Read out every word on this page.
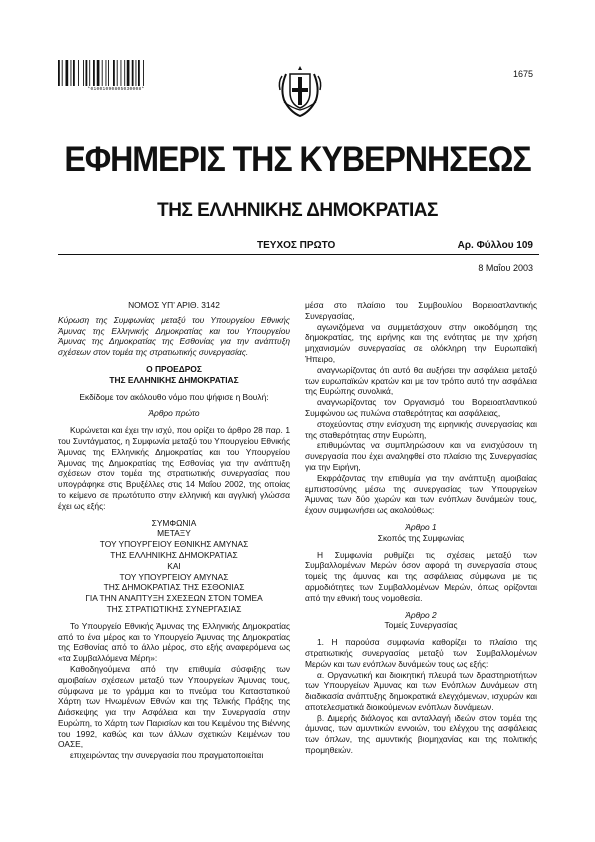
*01001090805030008*
1675
ΕΦΗΜΕΡΙΣ ΤΗΣ ΚΥΒΕΡΝΗΣΕΩΣ
ΤΗΣ ΕΛΛΗΝΙΚΗΣ ΔΗΜΟΚΡΑΤΙΑΣ
ΤΕΥΧΟΣ ΠΡΩΤΟ	Αρ. Φύλλου 109
8 Μαΐου 2003

ΝΟΜΟΣ ΥΠ’ ΑΡΙΘ. 3142

Κύρωση της Συμφωνίας μεταξύ του Υπουργείου Εθνικής Άμυνας της Ελληνικής Δημοκρατίας και του Υπουργείου Άμυνας της Δημοκρατίας της Εσθονίας για την ανάπτυξη σχέσεων στον τομέα της στρατιωτικής συνεργασίας.

Ο ΠΡΟΕΔΡΟΣ

ΤΗΣ ΕΛΛΗΝΙΚΗΣ ΔΗΜΟΚΡΑΤΙΑΣ

Εκδίδομε τον ακόλουθο νόμο που ψήφισε η Βουλή:

Άρθρο πρώτο

Κυρώνεται και έχει την ισχύ, που ορίζει το άρθρο 28 παρ. 1 του Συντάγματος, η Συμφωνία μεταξύ του Υπουργείου Εθνικής Άμυνας της Ελληνικής Δημοκρατίας και του Υπουργείου Άμυνας της Δημοκρατίας της Εσθονίας για την ανάπτυξη σχέσεων στον τομέα της στρατιωτικής συνεργασίας που υπογράφηκε στις Βρυξέλλες στις 14 Μαΐου 2002, της οποίας το κείμενο σε πρωτότυπο στην ελληνική και αγγλική γλώσσα έχει ως εξής:

ΣΥΜΦΩΝΙΑ

ΜΕΤΑΞΥ

ΤΟΥ ΥΠΟΥΡΓΕΙΟΥ ΕΘΝΙΚΗΣ ΑΜΥΝΑΣ

ΤΗΣ ΕΛΛΗΝΙΚΗΣ ΔΗΜΟΚΡΑΤΙΑΣ

ΚΑΙ

ΤΟΥ ΥΠΟΥΡΓΕΙΟΥ ΑΜΥΝΑΣ

ΤΗΣ ΔΗΜΟΚΡΑΤΙΑΣ ΤΗΣ ΕΣΘΟΝΙΑΣ

ΓΙΑ ΤΗΝ ΑΝΑΠΤΥΞΗ ΣΧΕΣΕΩΝ ΣΤΟΝ ΤΟΜΕΑ

ΤΗΣ ΣΤΡΑΤΙΩΤΙΚΗΣ ΣΥΝΕΡΓΑΣΙΑΣ

Το Υπουργείο Εθνικής Άμυνας της Ελληνικής Δημοκρατίας από το ένα μέρος και το Υπουργείο Άμυνας της Δημοκρατίας της Εσθονίας από το άλλο μέρος, στο εξής αναφερόμενα ως «τα Συμβαλλόμενα Μέρη»:

Καθοδηγούμενα από την επιθυμία σύσφιξης των αμοιβαίων σχέσεων μεταξύ των Υπουργείων Άμυνας τους, σύμφωνα με το γράμμα και το πνεύμα του Καταστατικού Χάρτη των Ηνωμένων Εθνών και της Τελικής Πράξης της Διάσκεψης για την Ασφάλεια και την Συνεργασία στην Ευρώπη, το Χάρτη των Παρισίων και του Κειμένου της Βιέννης του 1992, καθώς και των άλλων σχετικών Κειμένων του ΟΑΣΕ,

επιχειρώντας την συνεργασία που πραγματοποιείται

μέσα στο πλαίσιο του Συμβουλίου Βορειοατλαντικής Συνεργασίας,

αγωνιζόμενα να συμμετάσχουν στην οικοδόμηση της δημοκρατίας, της ειρήνης και της ενότητας με την χρήση μηχανισμών συνεργασίας σε ολόκληρη την Ευρωπαϊκή Ήπειρο,

αναγνωρίζοντας ότι αυτό θα αυξήσει την ασφάλεια μεταξύ των ευρωπαϊκών κρατών και με τον τρόπο αυτό την ασφάλεια της Ευρώπης συνολικά,

αναγνωρίζοντας τον Οργανισμό του Βορειοατλαντικού Συμφώνου ως πυλώνα σταθερότητας και ασφάλειας,

στοχεύοντας στην ενίσχυση της ειρηνικής συνεργασίας και της σταθερότητας στην Ευρώπη,

επιθυμώντας να συμπληρώσουν και να ενισχύσουν τη συνεργασία που έχει αναληφθεί στο πλαίσιο της Συνεργασίας για την Ειρήνη,

Εκφράζοντας την επιθυμία για την ανάπτυξη αμοιβαίας εμπιστοσύνης μέσω της συνεργασίας των Υπουργείων Άμυνας των δύο χωρών και των ενόπλων δυνάμεών τους, έχουν συμφωνήσει ως ακολούθως:

Άρθρο 1

Σκοπός της Συμφωνίας

Η Συμφωνία ρυθμίζει τις σχέσεις μεταξύ των Συμβαλλομένων Μερών όσον αφορά τη συνεργασία στους τομείς της άμυνας και της ασφάλειας σύμφωνα με τις αρμοδιότητες των Συμβαλλομένων Μερών, όπως ορίζονται από την εθνική τους νομοθεσία.

Άρθρο 2

Τομείς Συνεργασίας

1. Η παρούσα συμφωνία καθορίζει το πλαίσιο της στρατιωτικής συνεργασίας μεταξύ των Συμβαλλομένων Μερών και των ενόπλων δυνάμεών τους ως εξής:

α. Οργανωτική και διοικητική πλευρά των δραστηριοτήτων των Υπουργείων Άμυνας και των Ενόπλων Δυνάμεων στη διαδικασία ανάπτυξης δημοκρατικά ελεγχόμενων, ισχυρών και αποτελεσματικά διοικούμενων ενόπλων δυνάμεων.

β. Διμερής διάλογος και ανταλλαγή ιδεών στον τομέα της άμυνας, των αμυντικών εννοιών, του ελέγχου της ασφάλειας των όπλων, της αμυντικής βιομηχανίας και της πολιτικής προμηθειών.
